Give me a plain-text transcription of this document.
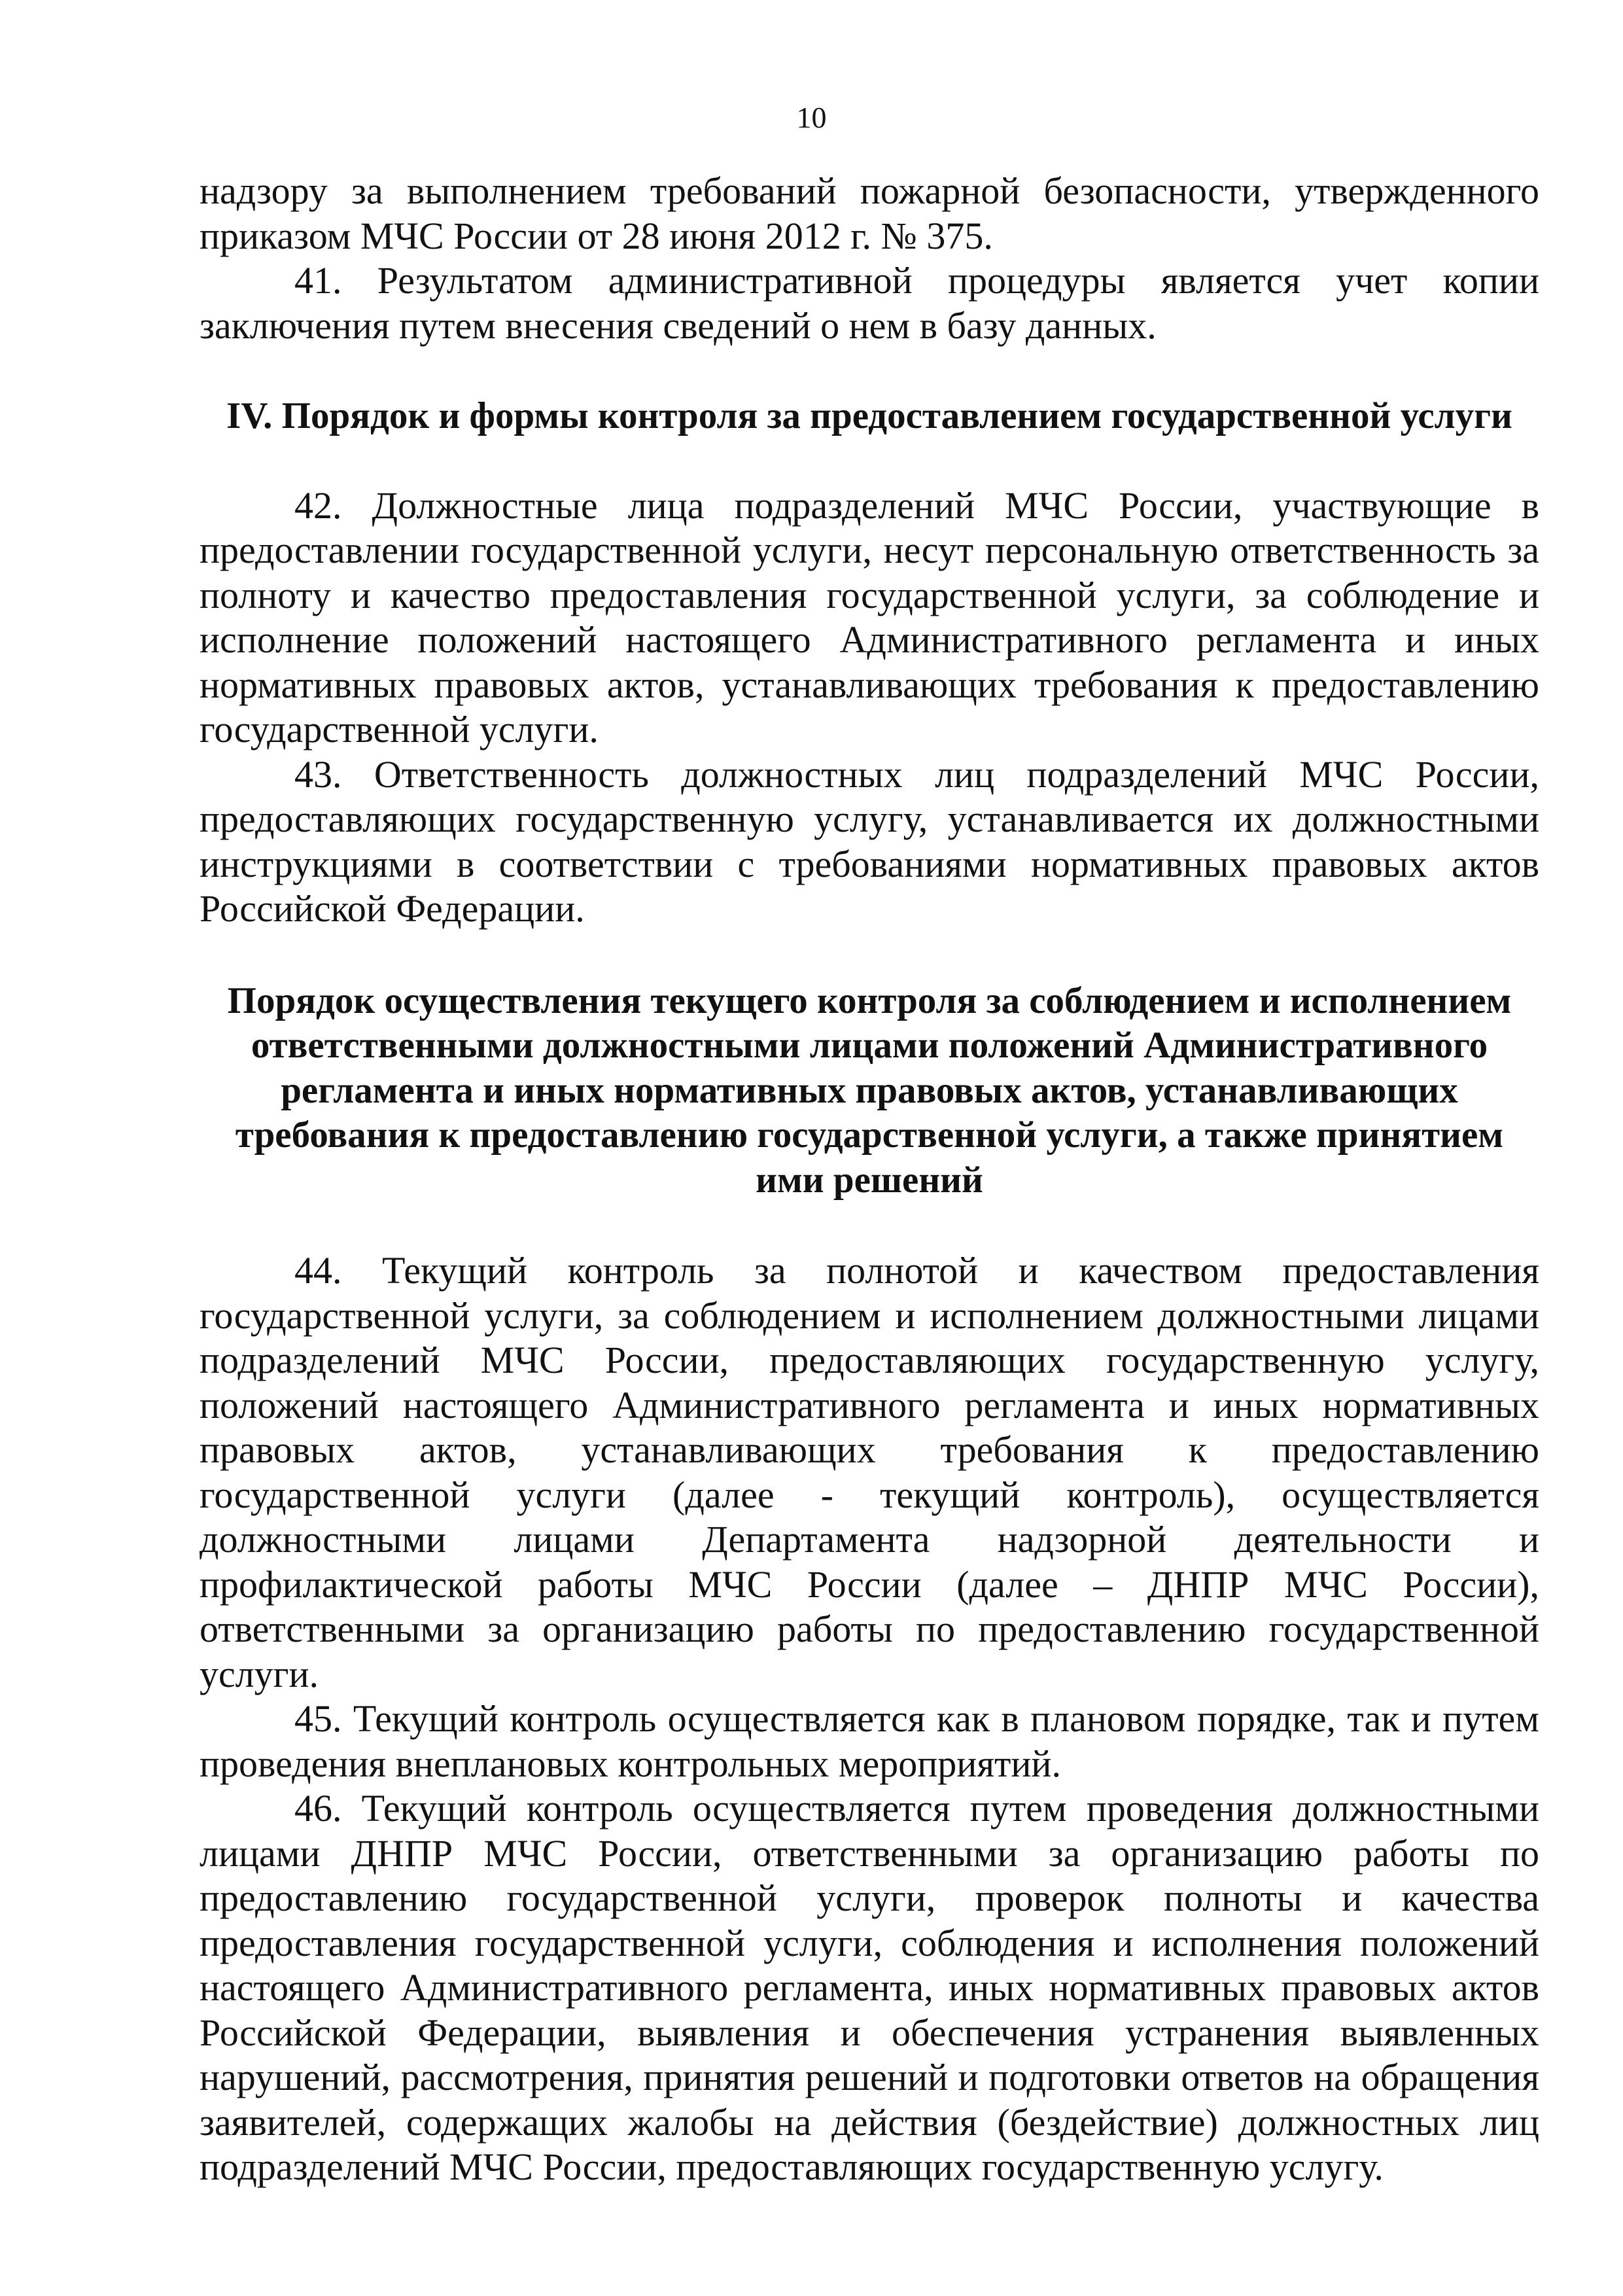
10

надзору за выполнением требований пожарной безопасности, утвержденного приказом МЧС России от 28 июня 2012 г. № 375.

41. Результатом административной процедуры является учет копии заключения путем внесения сведений о нем в базу данных.

IV. Порядок и формы контроля за предоставлением государственной услуги

42. Должностные лица подразделений МЧС России, участвующие в предоставлении государственной услуги, несут персональную ответственность за полноту и качество предоставления государственной услуги, за соблюдение и исполнение положений настоящего Административного регламента и иных нормативных правовых актов, устанавливающих требования к предоставлению государственной услуги.

43. Ответственность должностных лиц подразделений МЧС России, предоставляющих государственную услугу, устанавливается их должностными инструкциями в соответствии с требованиями нормативных правовых актов Российской Федерации.

Порядок осуществления текущего контроля за соблюдением и исполнением ответственными должностными лицами положений Административного регламента и иных нормативных правовых актов, устанавливающих требования к предоставлению государственной услуги, а также принятием ими решений

44. Текущий контроль за полнотой и качеством предоставления государственной услуги, за соблюдением и исполнением должностными лицами подразделений МЧС России, предоставляющих государственную услугу, положений настоящего Административного регламента и иных нормативных правовых актов, устанавливающих требования к предоставлению государственной услуги (далее - текущий контроль), осуществляется должностными лицами Департамента надзорной деятельности и профилактической работы МЧС России (далее – ДНПР МЧС России), ответственными за организацию работы по предоставлению государственной услуги.

45. Текущий контроль осуществляется как в плановом порядке, так и путем проведения внеплановых контрольных мероприятий.

46. Текущий контроль осуществляется путем проведения должностными лицами ДНПР МЧС России, ответственными за организацию работы по предоставлению государственной услуги, проверок полноты и качества предоставления государственной услуги, соблюдения и исполнения положений настоящего Административного регламента, иных нормативных правовых актов Российской Федерации, выявления и обеспечения устранения выявленных нарушений, рассмотрения, принятия решений и подготовки ответов на обращения заявителей, содержащих жалобы на действия (бездействие) должностных лиц подразделений МЧС России, предоставляющих государственную услугу.
